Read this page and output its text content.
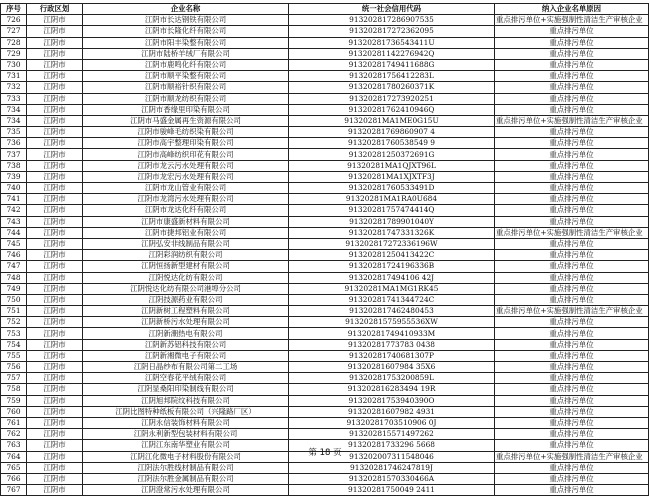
序号	行政区划	企业名称	统一社会信用代码	纳入企业名单原因
726	江阴市	江阴市长达钢铁有限公司	913202817286907535	重点排污单位+实施强制性清洁生产审核企业
727	江阴市	江阴市长隆化纤有限公司	913202817272362095	重点排污单位
728	江阴市	江阴市阳丰染整有限公司	91320281736543411U	重点排污单位
729	江阴市	江阴市陆桥羊绒厂有限公司	91320281142276942Q	重点排污单位
730	江阴市	江阴市鹿鸣化纤有限公司	91320281749411688G	重点排污单位
731	江阴市	江阴市顺平染整有限公司	91320281756412283L	重点排污单位
732	江阴市	江阴市顺裕针织有限公司	91320281780260371K	重点排污单位
733	江阴市	江阴市顺龙纺织有限公司	913202817273920251	重点排污单位
734	江阴市	江阴市香缘里印染有限公司	91320281762410946Q	重点排污单位
734	江阴市	江阴市马盛金属再生资源有限公司	91320281MA1ME0G15U	重点排污单位+实施强制性清洁生产审核企业
735	江阴市	江阴市骏峰毛纺织染有限公司	91320281769860907 4	重点排污单位
736	江阴市	江阴市高宇整理印染有限公司	91320281760538549 9	重点排污单位
737	江阴市	江阴市高峰纺织印花有限公司	91320281250372691G	重点排污单位
738	江阴市	江阴市龙云污水处理有限公司	91320281MA1QJXT96L	重点排污单位
739	江阴市	江阴市龙宏污水处理有限公司	91320281MA1XJXTF3J	重点排污单位
740	江阴市	江阴市龙山管业有限公司	91320281760533491D	重点排污单位
741	江阴市	江阴市龙湾污水处理有限公司	91320281MA1RA0U684	重点排污单位
742	江阴市	江阴市龙达化纤有限公司	91320281757474414Q	重点排污单位
743	江阴市	江阴市康盛新材料有限公司	91320281789901040Y	重点排污单位
744	江阴市	江阴市捷邦铝业有限公司	91320281747331326K	重点排污单位+实施强制性清洁生产审核企业
745	江阴市	江阴弘安非线制品有限公司	913202817272336196W	重点排污单位
746	江阴市	江阴彩润纺织有限公司	91320281250413422C	重点排污单位
747	江阴市	江阴恒扬新型建材有限公司	91320281724196336B	重点排污单位
748	江阴市	江阴悦达化纺有限公司	913202817494106 42J	重点排污单位
749	江阴市	江阴悦达化纺有限公司港埠分公司	91320281MA1MG1RK45	重点排污单位
750	江阴市	江阴技源药业有限公司	91320281741344724C	重点排污单位
751	江阴市	江阴新树工程塑料有限公司	913202817462480453	重点排污单位+实施强制性清洁生产审核企业
752	江阴市	江阴新桥污水处理有限公司	91320281575955536XW	重点排污单位
753	江阴市	江阴新潮热电有限公司	91320281749410933M	重点排污单位
754	江阴市	江阴新苏铝科技有限公司	91320281773783 0438	重点排污单位
755	江阴市	江阴新湘微电子有限公司	91320281740681307P	重点排污单位
756	江阴市	江阴日晶纱布有限公司第二工场	91320281607984 35X6	重点排污单位
757	江阴市	江阴空春花平绒有限公司	91320281753200859L	重点排污单位
758	江阴市	江阴显桑阳印染制线有限公司	913202816283494 19R	重点排污单位
759	江阴市	江阴旭邦院纹科技有限公司	91320281753940390O	重点排污单位
760	江阴市	江阴比图特种纸板有限公司（兴隆路厂区）	91320281607982 4931	重点排污单位
761	江阴市	江阴永信装饰材料有限公司	91320281703510906 0J	重点排污单位
762	江阴市	江阴永利新型包装材料有限公司	913202815571497262	重点排污单位
763	江阴市	江阴江东南华塑业有限公司	91320281733296 5668	重点排污单位
764	江阴市	江阴江化微电子材料股份有限公司	913202007311548046	重点排污单位+实施强制性清洁生产审核企业
765	江阴市	江阴法尔胜线材制品有限公司	91320281746247819J	重点排污单位
766	江阴市	江阴法尔胜金属制品有限公司	91320281570330466A	重点排污单位
767	江阴市	江阴澄常污水处理有限公司	91320281750049 2411	重点排污单位
第 18 页
